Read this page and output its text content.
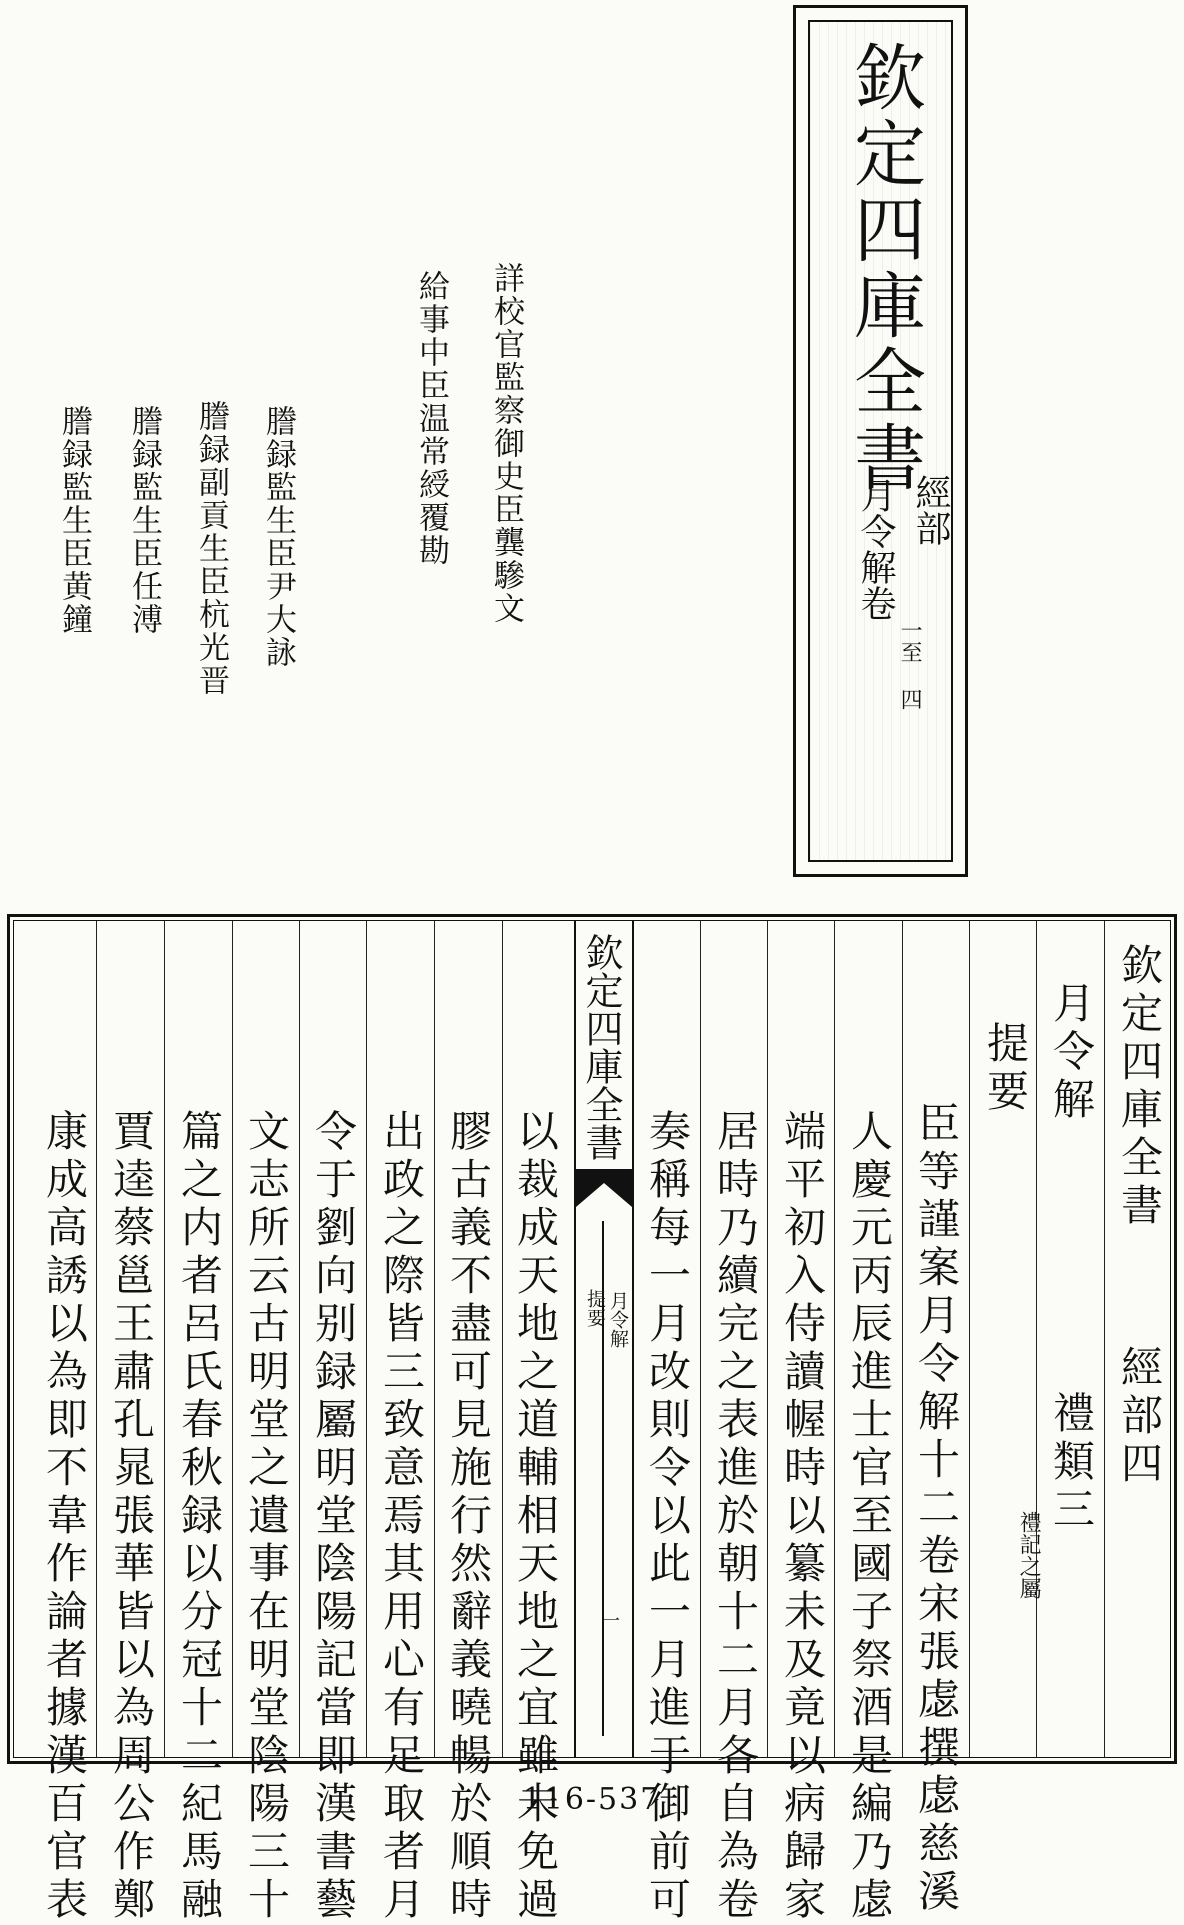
欽定四庫全書
經部
月令解卷
一至 四
詳校官監察御史臣龔驂文
給事中臣温常綬覆勘
謄録監生臣尹大詠
謄録副貢生臣杭光晋
謄録監生臣任溥
謄録監生臣黄鐘
欽定四庫全書
經部四
月令解
禮類三
禮記之屬
提要
臣等謹案月令解十二卷宋張虙撰虙慈溪
人慶元丙辰進士官至國子祭酒是編乃虙
端平初入侍讀幄時以纂未及竟以病歸家
居時乃續完之表進於朝十二月各自為卷
奏稱每一月改則令以此一月進于御前可
欽定四庫全書
月令解
提要
一
以裁成天地之道輔相天地之宜雖未免過
膠古義不盡可見施行然辭義曉暢於順時
出政之際皆三致意焉其用心有足取者月
令于劉向别録屬明堂陰陽記當即漢書藝
文志所云古明堂之遺事在明堂陰陽三十
篇之内者呂氏春秋録以分冠十二紀馬融
賈逵蔡邕王肅孔晁張華皆以為周公作鄭
康成高誘以為即不韋作論者據漢百官表	116-537
